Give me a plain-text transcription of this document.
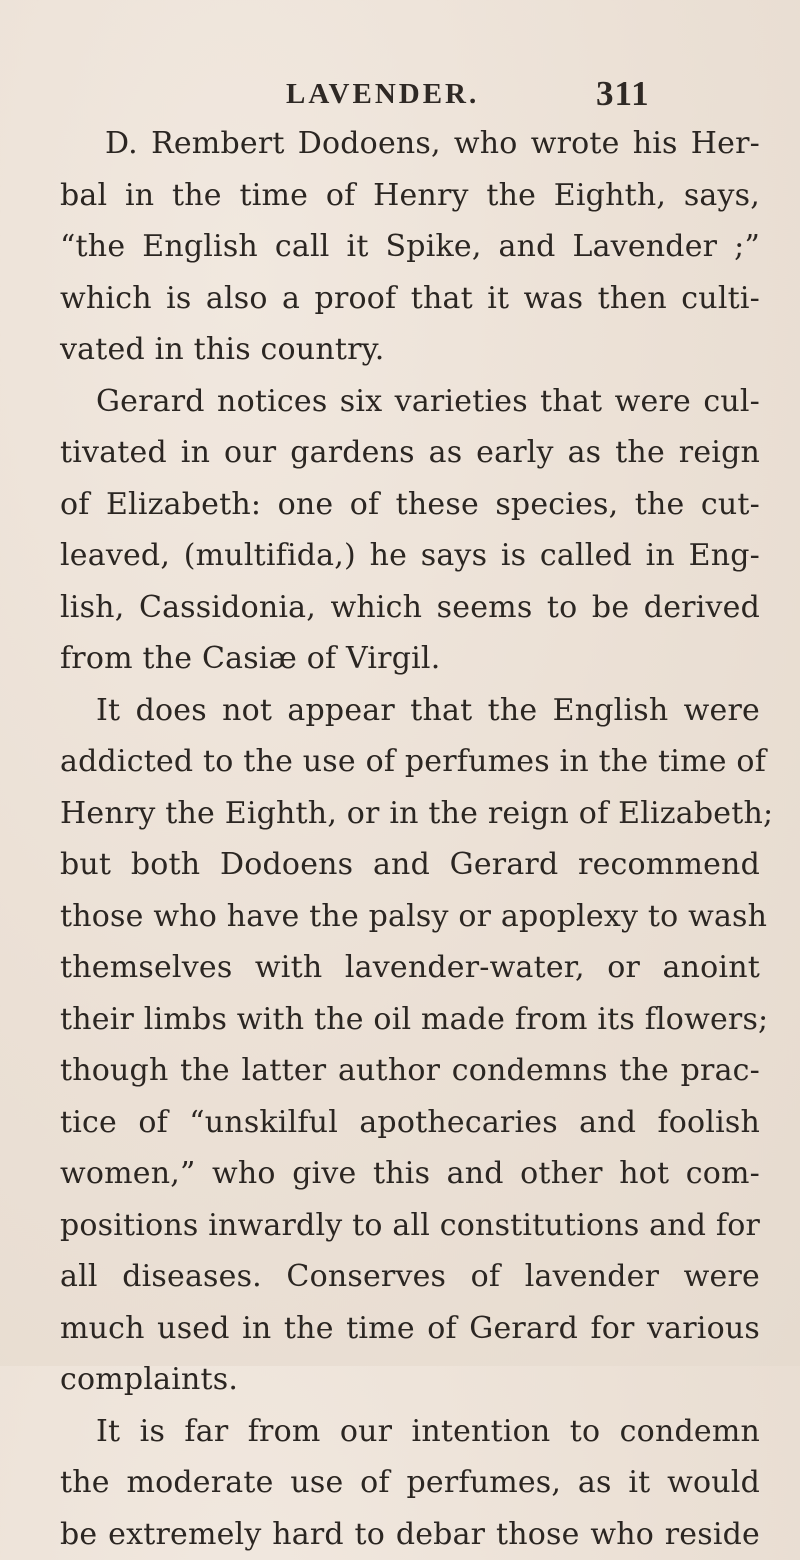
LAVENDER.	311
D. Rembert Dodoens, who wrote his Her-
bal in the time of Henry the Eighth, says,
“the English call it Spike, and Lavender ;”
which is also a proof that it was then culti-
vated in this country.
Gerard notices six varieties that were cul-
tivated in our gardens as early as the reign
of Elizabeth: one of these species, the cut-
leaved, (multifida,) he says is called in Eng-
lish, Cassidonia, which seems to be derived
from the Casiæ of Virgil.
It does not appear that the English were
addicted to the use of perfumes in the time of
Henry the Eighth, or in the reign of Elizabeth;
but both Dodoens and Gerard recommend
those who have the palsy or apoplexy to wash
themselves with lavender-water, or anoint
their limbs with the oil made from its flowers;
though the latter author condemns the prac-
tice of “unskilful apothecaries and foolish
women,” who give this and other hot com-
positions inwardly to all constitutions and for
all diseases. Conserves of lavender were
much used in the time of Gerard for various
complaints.
It is far from our intention to condemn
the moderate use of perfumes, as it would
be extremely hard to debar those who reside
